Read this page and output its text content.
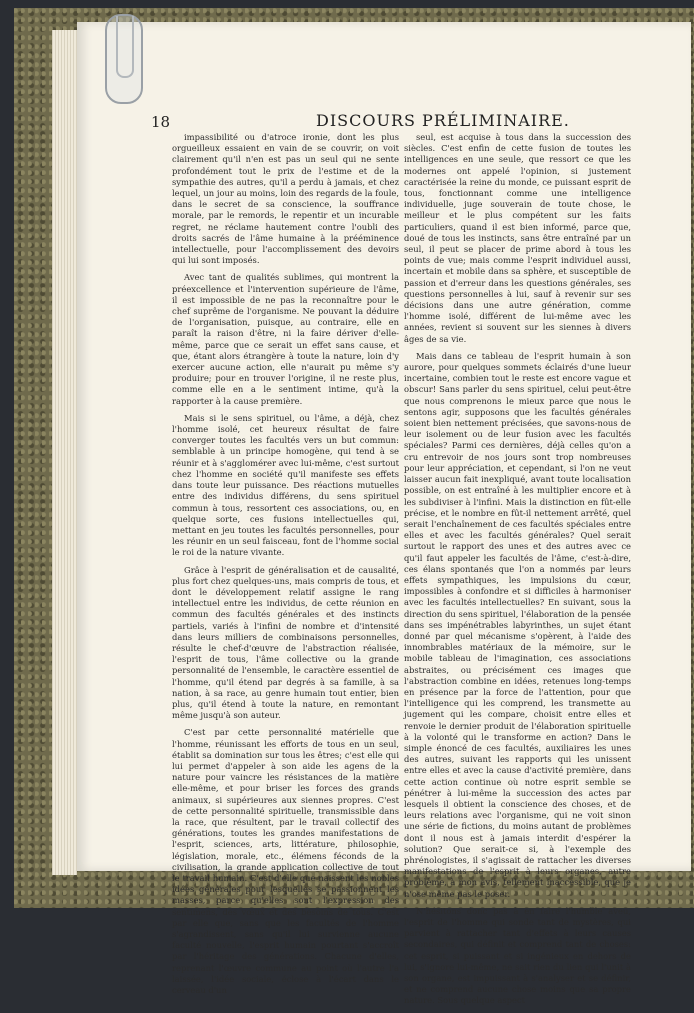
18	DISCOURS PRÉLIMINAIRE.

impassibilité ou d'atroce ironie, dont les plus orgueilleux essaient en vain de se couvrir, on voit clairement qu'il n'en est pas un seul qui ne sente profondément tout le prix de l'estime et de la sympathie des autres, qu'il a perdu à jamais, et chez lequel, un jour au moins, loin des regards de la foule, dans le secret de sa conscience, la souffrance morale, par le remords, le repentir et un incurable regret, ne réclame hautement contre l'oubli des droits sacrés de l'âme humaine à la prééminence intellectuelle, pour l'accomplissement des devoirs qui lui sont imposés.

Avec tant de qualités sublimes, qui montrent la préexcellence et l'intervention supérieure de l'âme, il est impossible de ne pas la reconnaître pour le chef suprême de l'organisme. Ne pouvant la déduire de l'organisation, puisque, au contraire, elle en paraît la raison d'être, ni la faire dériver d'elle-même, parce que ce serait un effet sans cause, et que, étant alors étrangère à toute la nature, loin d'y exercer aucune action, elle n'aurait pu même s'y produire; pour en trouver l'origine, il ne reste plus, comme elle en a le sentiment intime, qu'à la rapporter à la cause première.

Mais si le sens spirituel, ou l'âme, a déjà, chez l'homme isolé, cet heureux résultat de faire converger toutes les facultés vers un but commun: semblable à un principe homogène, qui tend à se réunir et à s'agglomérer avec lui-même, c'est surtout chez l'homme en société qu'il manifeste ses effets dans toute leur puissance. Des réactions mutuelles entre des individus différens, du sens spirituel commun à tous, ressortent ces associations, ou, en quelque sorte, ces fusions intellectuelles qui, mettant en jeu toutes les facultés personnelles, pour les réunir en un seul faisceau, font de l'homme social le roi de la nature vivante.

Grâce à l'esprit de généralisation et de causalité, plus fort chez quelques-uns, mais compris de tous, et dont le développement relatif assigne le rang intellectuel entre les individus, de cette réunion en commun des facultés générales et des instincts partiels, variés à l'infini de nombre et d'intensité dans leurs milliers de combinaisons personnelles, résulte le chef-d'œuvre de l'abstraction réalisée, l'esprit de tous, l'âme collective ou la grande personnalité de l'ensemble, le caractère essentiel de l'homme, qu'il étend par degrés à sa famille, à sa nation, à sa race, au genre humain tout entier, bien plus, qu'il étend à toute la nature, en remontant même jusqu'à son auteur.

C'est par cette personnalité matérielle que l'homme, réunissant les efforts de tous en un seul, établit sa domination sur tous les êtres; c'est elle qui lui permet d'appeler à son aide les agens de la nature pour vaincre les résistances de la matière elle-même, et pour briser les forces des grands animaux, si supérieures aux siennes propres. C'est de cette personnalité spirituelle, transmissible dans la race, que résultent, par le travail collectif des générations, toutes les grandes manifestations de l'esprit, sciences, arts, littérature, philosophie, législation, morale, etc., élémens féconds de la civilisation, la grande application collective de tout le travail humain. C'est d'elle que naissent les nobles idées générales pour lesquelles se passionnent les masses, parce qu'elles sont l'expression des sentimens, des vœux et des besoins de tous. C'est par elle que, sans que les facultés de l'homme s'agrandissent, sans qu'il lui survienne aucune faculté nouvelle, l'esprit humain pourtant s'accroît par l'héritage des générations. Chacune d'elles, reprenant l'œuvre commune au point où l'autre l'a laissée, l'idée sociale, éclose à l'écart dans le cerveau d'un

seul, est acquise à tous dans la succession des siècles. C'est enfin de cette fusion de toutes les intelligences en une seule, que ressort ce que les modernes ont appelé l'opinion, si justement caractérisée la reine du monde, ce puissant esprit de tous, fonctionnant comme une intelligence individuelle, juge souverain de toute chose, le meilleur et le plus compétent sur les faits particuliers, quand il est bien informé, parce que, doué de tous les instincts, sans être entraîné par un seul, il peut se placer de prime abord à tous les points de vue; mais comme l'esprit individuel aussi, incertain et mobile dans sa sphère, et susceptible de passion et d'erreur dans les questions générales, ses questions personnelles à lui, sauf à revenir sur ses décisions dans une autre génération, comme l'homme isolé, différent de lui-même avec les années, revient si souvent sur les siennes à divers âges de sa vie.

Mais dans ce tableau de l'esprit humain à son aurore, pour quelques sommets éclairés d'une lueur incertaine, combien tout le reste est encore vague et obscur! Sans parler du sens spirituel, celui peut-être que nous comprenons le mieux parce que nous le sentons agir, supposons que les facultés générales soient bien nettement précisées, que savons-nous de leur isolement ou de leur fusion avec les facultés spéciales? Parmi ces dernières, déjà celles qu'on a cru entrevoir de nos jours sont trop nombreuses pour leur appréciation, et cependant, si l'on ne veut laisser aucun fait inexpliqué, avant toute localisation possible, on est entraîné à les multiplier encore et à les subdiviser à l'infini. Mais la distinction en fût-elle précise, et le nombre en fût-il nettement arrêté, quel serait l'enchaînement de ces facultés spéciales entre elles et avec les facultés générales? Quel serait surtout le rapport des unes et des autres avec ce qu'il faut appeler les facultés de l'âme, c'est-à-dire, ces élans spontanés que l'on a nommés par leurs effets sympathiques, les impulsions du cœur, impossibles à confondre et si difficiles à harmoniser avec les facultés intellectuelles? En suivant, sous la direction du sens spirituel, l'élaboration de la pensée dans ses impénétrables labyrinthes, un sujet étant donné par quel mécanisme s'opèrent, à l'aide des innombrables matériaux de la mémoire, sur le mobile tableau de l'imagination, ces associations abstraites, ou précisément ces images que l'abstraction combine en idées, retenues long-temps en présence par la force de l'attention, pour que l'intelligence qui les comprend, les transmette au jugement qui les compare, choisit entre elles et renvoie le dernier produit de l'élaboration spirituelle à la volonté qui le transforme en action? Dans le simple énoncé de ces facultés, auxiliaires les unes des autres, suivant les rapports qui les unissent entre elles et avec la cause d'activité première, dans cette action continue où notre esprit semble se pénétrer à lui-même la succession des actes par lesquels il obtient la conscience des choses, et de leurs relations avec l'organisme, qui ne voit sinon une série de fictions, du moins autant de problèmes dont il nous est à jamais interdit d'espérer la solution? Que serait-ce si, à l'exemple des phrénologistes, il s'agissait de rattacher les diverses manifestations de l'esprit à leurs organes, autre problème, à mon avis, tellement inaccessible, que je n'ose même pas le poser.

N'hésitons donc pas à en faire l'humble aveu, l'esprit de l'homme qui sonde tant de mystères, qui parvient à rattacher tant d'effets à leurs causes secondaires, qui définit et comprend tant de choses: cet esprit, si puissant et si ingénieux en dehors de lui, s'ignore lui-même, ne sait rien du lien qui l'unit à son organe, est impuissant à s'analyser et se définir, et ne comprend aucune chose moins que sa propre nature. Sous quelque aspect
